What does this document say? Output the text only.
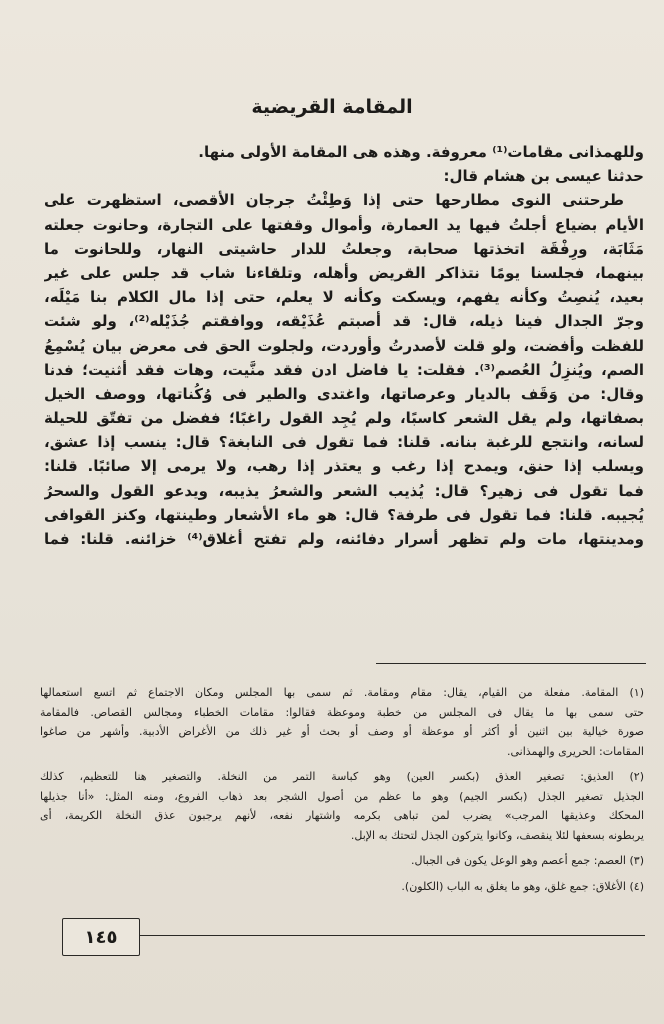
المقامة القريضية
وللهمذانى مقامات⁽¹⁾ معروفة. وهذه هى المقامة الأولى منها.
حدثنا عيسى بن هشام قال:
طرحتنى النوى مطارحها حتى إذا وَطِئْتُ جرجان الأقصى، استظهرت على
الأيام بضياع أجلتُ فيها يد العمارة، وأموال وقفتها على التجارة، وحانوت جعلته
مَثَابَة، ورِفْقَة اتخذتها صحابة، وجعلتُ للدار حاشيتى النهار، وللحانوت ما
بينهما، فجلسنا يومًا نتذاكر القريض وأهله، وتلقاءنا شاب قد جلس على غير
بعيد، يُنصِتُ وكأنه يفهم، ويسكت وكأنه لا يعلم، حتى إذا مال الكلام بنا مَيْلَه،
وجرّ الجدال فينا ذيله، قال: قد أصبتم عُذَيْقه، ووافقتم جُذَيْله⁽²⁾، ولو شئت
للفظت وأفضت، ولو قلت لأصدرتُ وأوردت، ولجلوت الحق فى معرض بيان يُسْمِعُ
الصم، ويُنزِلُ العُصم⁽³⁾. فقلت: يا فاضل ادن فقد منَّيت، وهات فقد أثنيت؛ فدنا
وقال: من وَقَف بالديار وعرصاتها، واغتدى والطير فى وُكُناتها، ووصف الخيل
بصفاتها، ولم يقل الشعر كاسبًا، ولم يُجِد القول راغبًا؛ ففضل من تفتّق للحيلة
لسانه، وانتجع للرغبة بنانه. قلنا: فما تقول فى النابغة؟ قال: ينسب إذا عشق،
ويسلب إذا حنق، ويمدح إذا رغب و يعتذر إذا رهب، ولا يرمى إلا صائبًا. قلنا:
فما تقول فى زهير؟ قال: يُذيب الشعر والشعرُ يذيبه، ويدعو القول والسحرُ
يُجيبه. قلنا: فما تقول فى طرفة؟ قال: هو ماء الأشعار وطينتها، وكنز القوافى
ومدينتها، مات ولم تظهر أسرار دفائنه، ولم تفتح أغلاق⁽⁴⁾ خزائنه. قلنا: فما
(١) المقامة. مفعلة من القيام، يقال: مقام ومقامة. ثم سمى بها المجلس ومكان الاجتماع ثم اتسع استعمالها
حتى سمى بها ما يقال فى المجلس من خطبة وموعظة فقالوا: مقامات الخطباء ومجالس القصاص. فالمقامة
صورة خيالية بين اثنين أو أكثر أو موعظة أو وصف أو بحث أو غير ذلك من الأغراض الأدبية. وأشهر من صاغوا
المقامات: الحريرى والهمذانى.
(٢) العذيق: تصغير العذق (بكسر العين) وهو كباسة التمر من النخلة. والتصغير هنا للتعظيم، كذلك
الجذيل تصغير الجذل (بكسر الجيم) وهو ما عظم من أصول الشجر بعد ذهاب الفروع، ومنه المثل: «أنا جذيلها
المحكك وعذيقها المرجب» يضرب لمن تباهى بكرمه واشتهار نفعه، لأنهم يرجبون عذق النخلة الكريمة، أى
يربطونه بسعفها لئلا ينقصف، وكانوا يتركون الجذل لتحتك به الإبل.
(٣) العصم: جمع أعصم وهو الوعل يكون فى الجبال.
(٤) الأغلاق: جمع غلق، وهو ما يغلق به الباب (الكلون).
١٤٥
